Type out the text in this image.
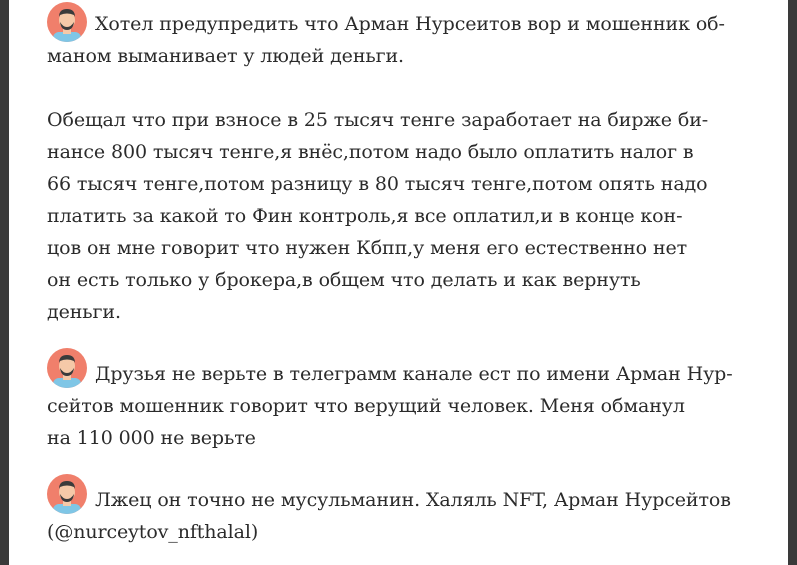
Хотел предупредить что Арман Нурсеитов вор и мошенник об-

маном выманивает у людей деньги.

Обещал что при взносе в 25 тысяч тенге заработает на бирже би-

нансе 800 тысяч тенге,я внёс,потом надо было оплатить налог в

66 тысяч тенге,потом разницу в 80 тысяч тенге,потом опять надо

платить за какой то Фин контроль,я все оплатил,и в конце кон-

цов он мне говорит что нужен Кбпп,у меня его естественно нет

он есть только у брокера,в общем что делать и как вернуть

деньги.

Друзья не верьте в телеграмм канале ест по имени Арман Нур-

сейтов мошенник говорит что верущий человек. Меня обманул

на 110 000 не верьте

Лжец он точно не мусульманин. Халяль NFT, Арман Нурсейтов

(@nurceytov_nfthalal)
